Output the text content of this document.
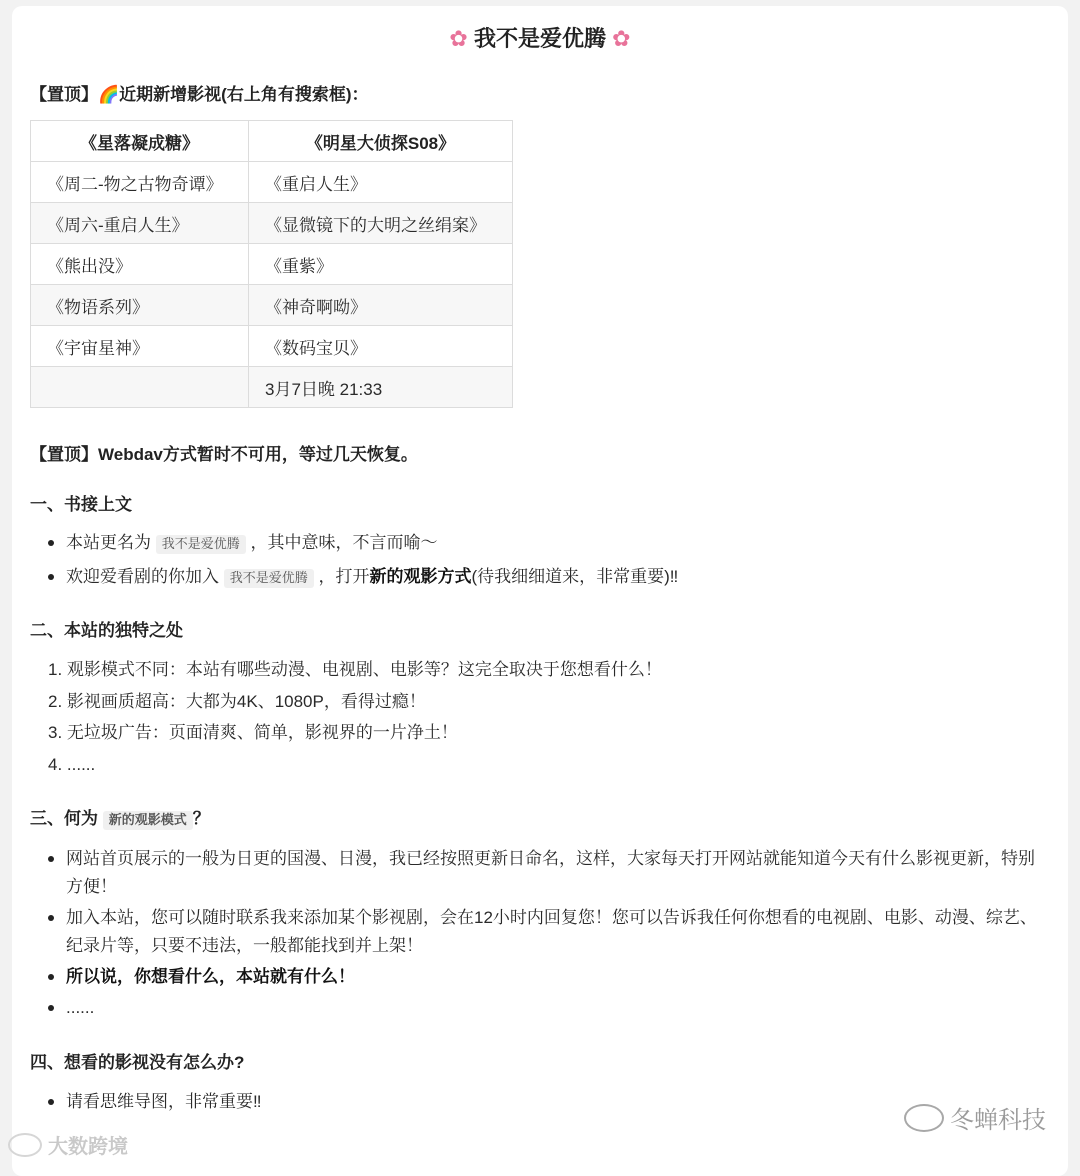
✿ 我不是爱优腾 ✿
【置顶】🌈近期新增影视(右上角有搜索框)：
《星落凝成糖》	《明星大侦探S08》
《周二-物之古物奇谭》	《重启人生》
《周六-重启人生》	《显微镜下的大明之丝绢案》
《熊出没》	《重紫》
《物语系列》	《神奇啊呦》
《宇宙星神》	《数码宝贝》
	3月7日晚 21:33
【置顶】Webdav方式暂时不可用，等过几天恢复。
一、书接上文
本站更名为 我不是爱优腾 ，其中意味，不言而喻～
欢迎爱看剧的你加入 我不是爱优腾 ，打开新的观影方式(待我细细道来，非常重要)‼
二、本站的独特之处
1. 观影模式不同：本站有哪些动漫、电视剧、电影等？这完全取决于您想看什么！
2. 影视画质超高：大都为4K、1080P，看得过瘾！
3. 无垃圾广告：页面清爽、简单，影视界的一片净土！
4. ......
三、何为 新的观影模式 ？
网站首页展示的一般为日更的国漫、日漫，我已经按照更新日命名，这样，大家每天打开网站就能知道今天有什么影视更新，特别方便！
加入本站，您可以随时联系我来添加某个影视剧，会在12小时内回复您！您可以告诉我任何你想看的电视剧、电影、动漫、综艺、纪录片等，只要不违法，一般都能找到并上架！
所以说，你想看什么，本站就有什么！
......
四、想看的影视没有怎么办?
请看思维导图，非常重要‼
冬蝉科技
大数跨境
